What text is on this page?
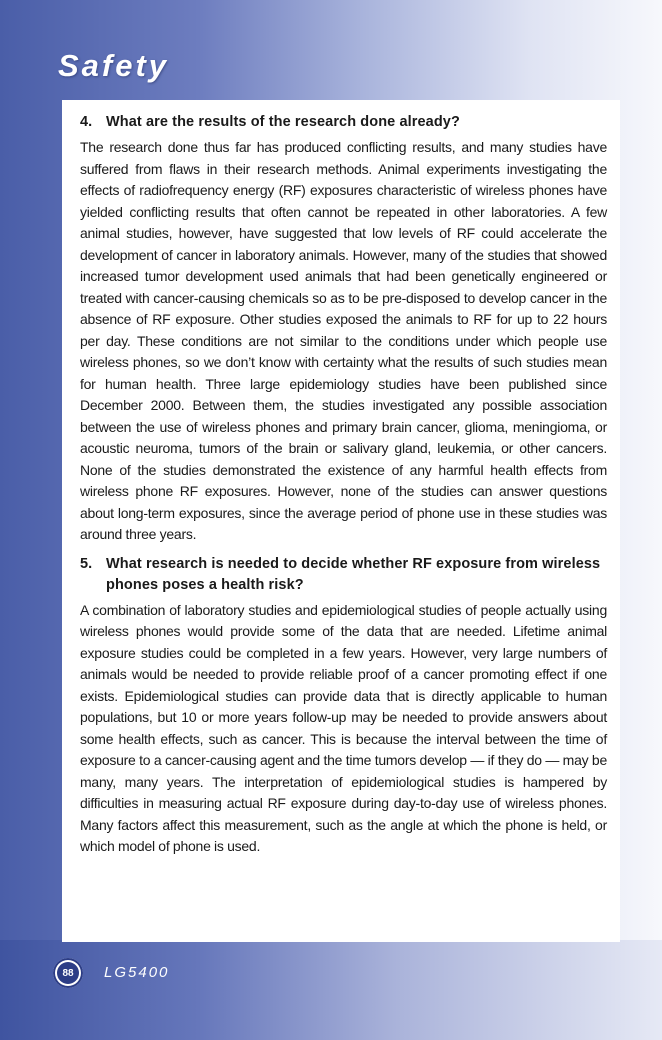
Safety
4. What are the results of the research done already?

The research done thus far has produced conflicting results, and many studies have suffered from flaws in their research methods. Animal experiments investigating the effects of radiofrequency energy (RF) exposures characteristic of wireless phones have yielded conflicting results that often cannot be repeated in other laboratories. A few animal studies, however, have suggested that low levels of RF could accelerate the development of cancer in laboratory animals. However, many of the studies that showed increased tumor development used animals that had been genetically engineered or treated with cancer-causing chemicals so as to be pre-disposed to develop cancer in the absence of RF exposure. Other studies exposed the animals to RF for up to 22 hours per day. These conditions are not similar to the conditions under which people use wireless phones, so we don’t know with certainty what the results of such studies mean for human health. Three large epidemiology studies have been published since December 2000. Between them, the studies investigated any possible association between the use of wireless phones and primary brain cancer, glioma, meningioma, or acoustic neuroma, tumors of the brain or salivary gland, leukemia, or other cancers. None of the studies demonstrated the existence of any harmful health effects from wireless phone RF exposures. However, none of the studies can answer questions about long-term exposures, since the average period of phone use in these studies was around three years.

5. What research is needed to decide whether RF exposure from wireless phones poses a health risk?

A combination of laboratory studies and epidemiological studies of people actually using wireless phones would provide some of the data that are needed. Lifetime animal exposure studies could be completed in a few years. However, very large numbers of animals would be needed to provide reliable proof of a cancer promoting effect if one exists. Epidemiological studies can provide data that is directly applicable to human populations, but 10 or more years follow-up may be needed to provide answers about some health effects, such as cancer. This is because the interval between the time of exposure to a cancer-causing agent and the time tumors develop — if they do — may be many, many years. The interpretation of epidemiological studies is hampered by difficulties in measuring actual RF exposure during day-to-day use of wireless phones. Many factors affect this measurement, such as the angle at which the phone is held, or which model of phone is used.

88	LG5400
